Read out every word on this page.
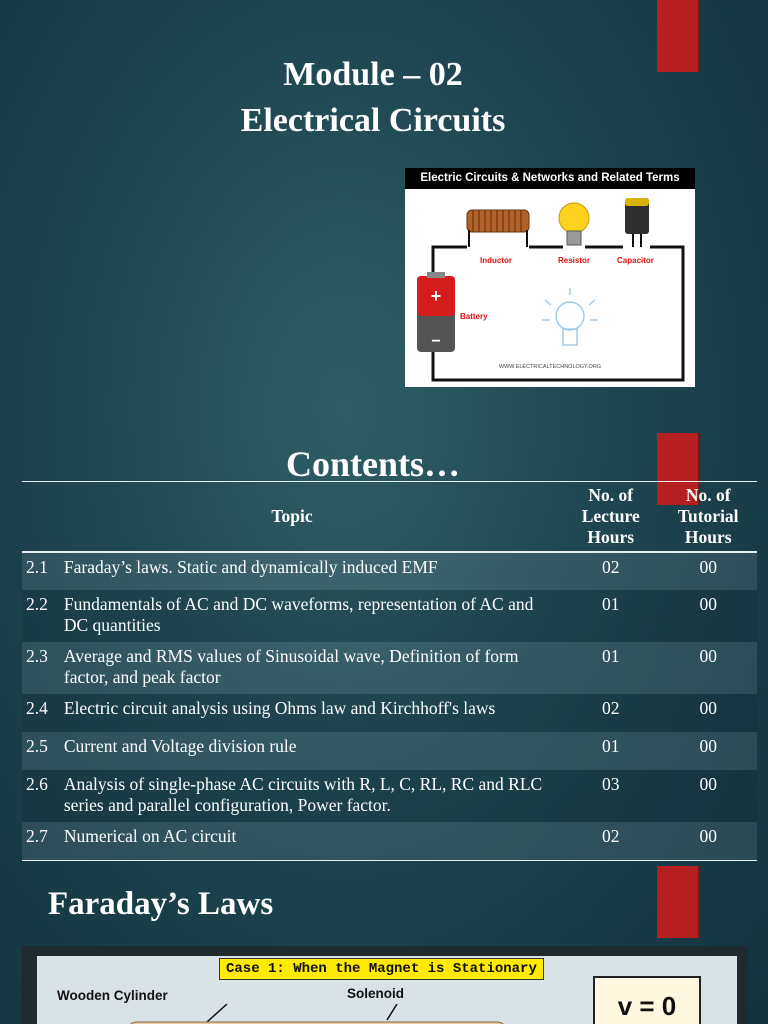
Module – 02
Electrical Circuits
Electric Circuits & Networks and Related Terms
+
−
Inductor	Resistor	Capacitor
Battery
WWW.ELECTRICALTECHNOLOGY.ORG
Contents…
Topic		No. of Lecture Hours	No. of Tutorial Hours
2.1	Faraday’s laws. Static and dynamically induced EMF	02	00
2.2	Fundamentals of AC and DC waveforms, representation of AC and DC quantities	01	00
2.3	Average and RMS values of Sinusoidal wave, Definition of form factor, and peak factor	01	00
2.4	Electric circuit analysis using Ohms law and Kirchhoff's laws	02	00
2.5	Current and Voltage division rule	01	00
2.6	Analysis of single-phase AC circuits with R, L, C, RL, RC and RLC series and parallel configuration, Power factor.	03	00
2.7	Numerical on AC circuit	02	00
Faraday’s Laws
Case 1: When the Magnet is Stationary
Wooden Cylinder	Solenoid	v = 0
